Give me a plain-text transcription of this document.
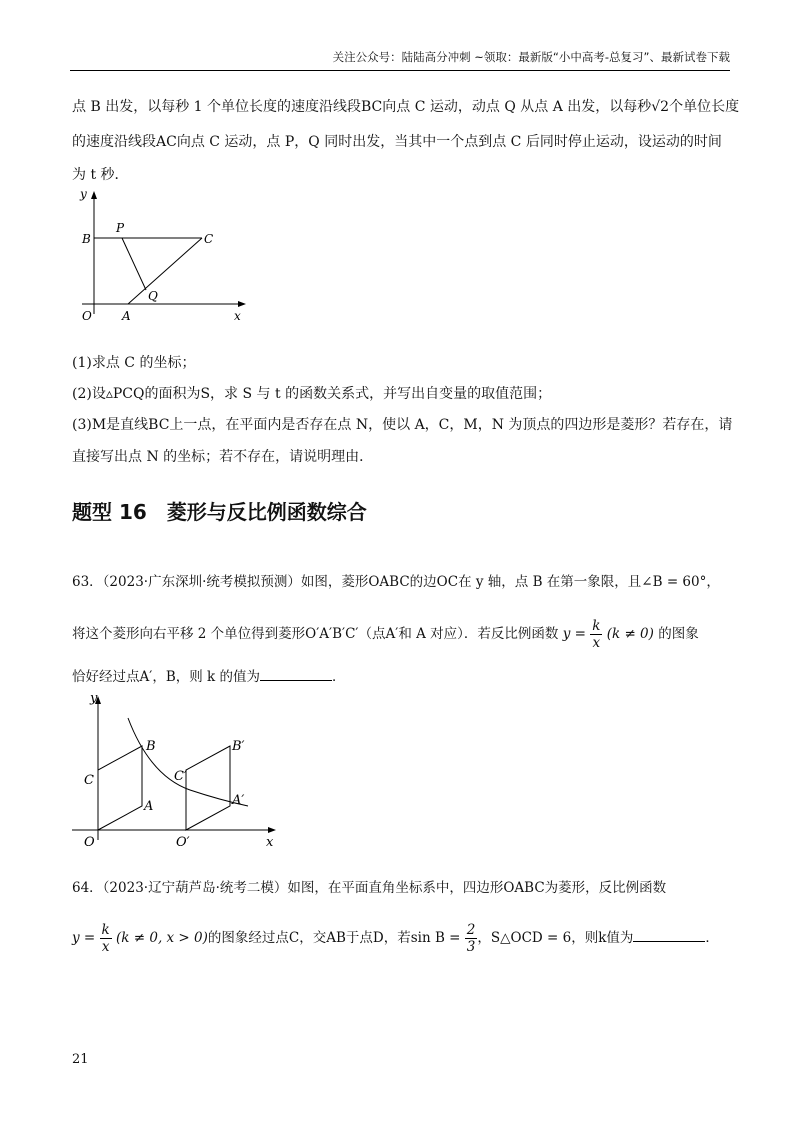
关注公众号：陆陆高分冲刺 ~领取：最新版“小中高考-总复习”、最新试卷下载
点 B 出发，以每秒 1 个单位长度的速度沿线段BC向点 C 运动，动点 Q 从点 A 出发，以每秒√2个单位长度
的速度沿线段AC向点 C 运动，点 P，Q 同时出发，当其中一个点到点 C 后同时停止运动，设运动的时间
为 t 秒．
y
x
O	A
B	C
P
Q
(1)求点 C 的坐标；
(2)设▵PCQ的面积为S，求 S 与 t 的函数关系式，并写出自变量的取值范围；
(3)M是直线BC上一点，在平面内是否存在点 N，使以 A，C，M，N 为顶点的四边形是菱形？若存在，请
直接写出点 N 的坐标；若不存在，请说明理由．
题型 16　菱形与反比例函数综合
63．（2023·广东深圳·统考模拟预测）如图，菱形OABC的边OC在 y 轴，点 B 在第一象限，且∠B = 60°，
将这个菱形向右平移 2 个单位得到菱形O′A′B′C′（点A′和 A 对应）．若反比例函数 $y = \frac{k}{x} (k \ne 0)$ 的图象
恰好经过点A′，B，则 k 的值为	．
y
x
O
A
B
C
O′
A′
B′
C′
64．（2023·辽宁葫芦岛·统考二模）如图，在平面直角坐标系中，四边形OABC为菱形，反比例函数
$y = \frac{k}{x} (k \ne 0$, x > 0)的图象经过点C，交AB于点D，若$\sin B = \frac{2}{3}$ ，S△OCD = 6，则k值为	．
21
